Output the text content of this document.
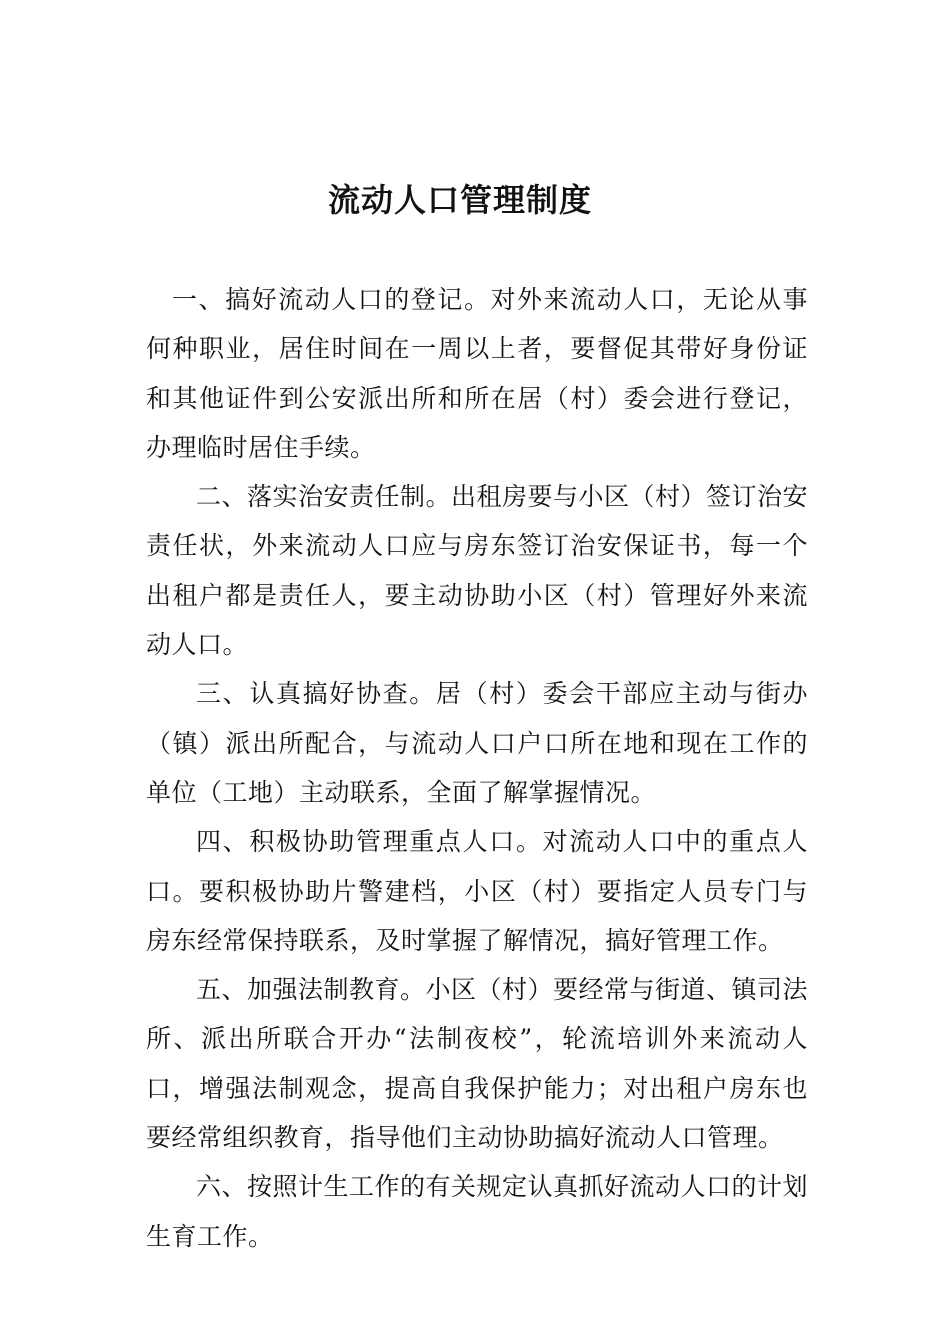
流动人口管理制度

一、搞好流动人口的登记。对外来流动人口，无论从事何种职业，居住时间在一周以上者，要督促其带好身份证和其他证件到公安派出所和所在居（村）委会进行登记，办理临时居住手续。

二、落实治安责任制。出租房要与小区（村）签订治安责任状，外来流动人口应与房东签订治安保证书，每一个出租户都是责任人，要主动协助小区（村）管理好外来流动人口。

三、认真搞好协查。居（村）委会干部应主动与街办（镇）派出所配合，与流动人口户口所在地和现在工作的单位（工地）主动联系，全面了解掌握情况。

四、积极协助管理重点人口。对流动人口中的重点人口。要积极协助片警建档，小区（村）要指定人员专门与房东经常保持联系，及时掌握了解情况，搞好管理工作。

五、加强法制教育。小区（村）要经常与街道、镇司法所、派出所联合开办“法制夜校”，轮流培训外来流动人口，增强法制观念，提高自我保护能力；对出租户房东也要经常组织教育，指导他们主动协助搞好流动人口管理。

六、按照计生工作的有关规定认真抓好流动人口的计划生育工作。
